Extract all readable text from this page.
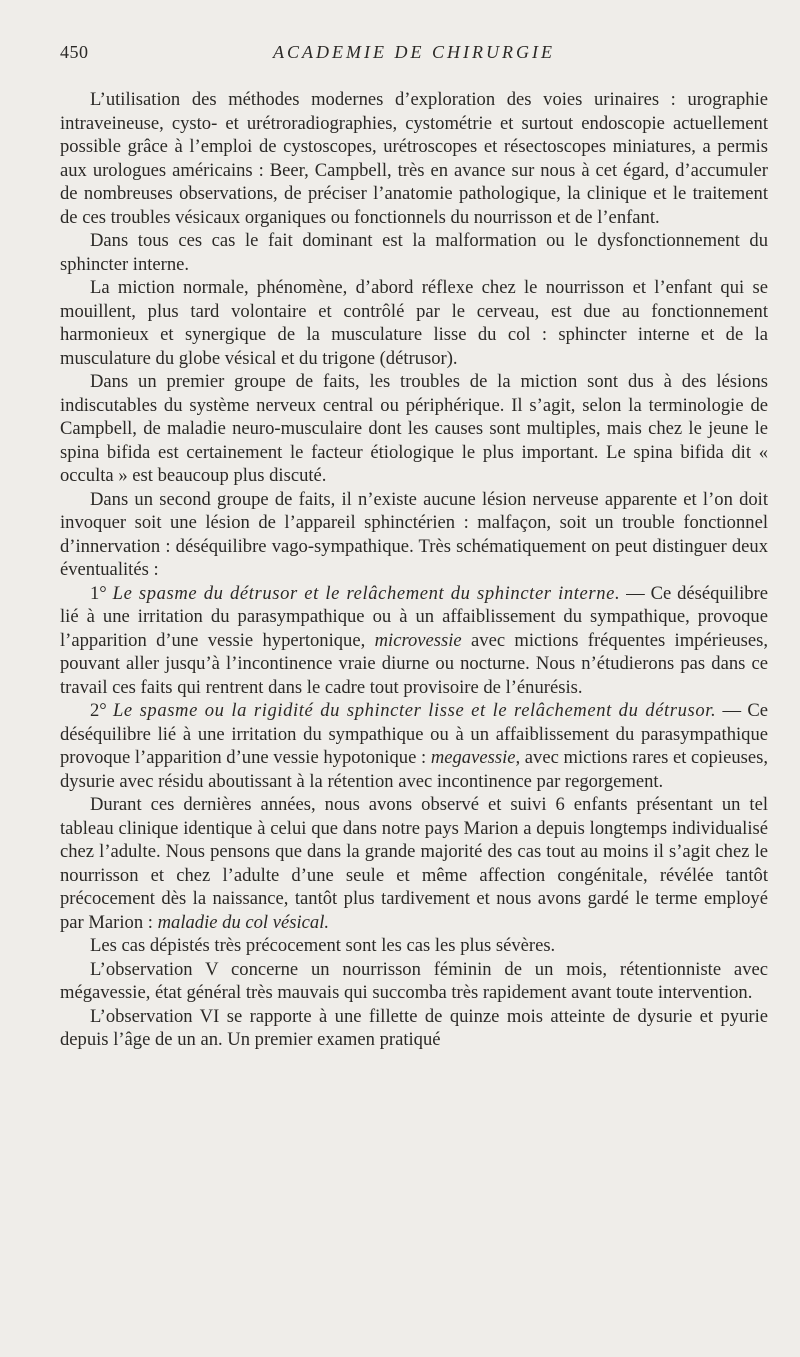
450	ACADEMIE DE CHIRURGIE

L’utilisation des méthodes modernes d’exploration des voies urinaires : urographie intraveineuse, cysto- et urétroradiographies, cystométrie et surtout endoscopie actuellement possible grâce à l’emploi de cystoscopes, urétroscopes et résectoscopes miniatures, a permis aux urologues américains : Beer, Campbell, très en avance sur nous à cet égard, d’accumuler de nombreuses observations, de préciser l’anatomie pathologique, la clinique et le traitement de ces troubles vésicaux organiques ou fonctionnels du nourrisson et de l’enfant.

Dans tous ces cas le fait dominant est la malformation ou le dysfonctionnement du sphincter interne.

La miction normale, phénomène, d’abord réflexe chez le nourrisson et l’enfant qui se mouillent, plus tard volontaire et contrôlé par le cerveau, est due au fonctionnement harmonieux et synergique de la musculature lisse du col : sphincter interne et de la musculature du globe vésical et du trigone (détrusor).

Dans un premier groupe de faits, les troubles de la miction sont dus à des lésions indiscutables du système nerveux central ou périphérique. Il s’agit, selon la terminologie de Campbell, de maladie neuro-musculaire dont les causes sont multiples, mais chez le jeune le spina bifida est certainement le facteur étiologique le plus important. Le spina bifida dit « occulta » est beaucoup plus discuté.

Dans un second groupe de faits, il n’existe aucune lésion nerveuse apparente et l’on doit invoquer soit une lésion de l’appareil sphinctérien : malfaçon, soit un trouble fonctionnel d’innervation : déséquilibre vago-sympathique. Très schématiquement on peut distinguer deux éventualités :

1° Le spasme du détrusor et le relâchement du sphincter interne. — Ce déséquilibre lié à une irritation du parasympathique ou à un affaiblissement du sympathique, provoque l’apparition d’une vessie hypertonique, microvessie avec mictions fréquentes impérieuses, pouvant aller jusqu’à l’incontinence vraie diurne ou nocturne. Nous n’étudierons pas dans ce travail ces faits qui rentrent dans le cadre tout provisoire de l’énurésis.

2° Le spasme ou la rigidité du sphincter lisse et le relâchement du détrusor. — Ce déséquilibre lié à une irritation du sympathique ou à un affaiblissement du parasympathique provoque l’apparition d’une vessie hypotonique : megavessie, avec mictions rares et copieuses, dysurie avec résidu aboutissant à la rétention avec incontinence par regorgement.

Durant ces dernières années, nous avons observé et suivi 6 enfants présentant un tel tableau clinique identique à celui que dans notre pays Marion a depuis longtemps individualisé chez l’adulte. Nous pensons que dans la grande majorité des cas tout au moins il s’agit chez le nourrisson et chez l’adulte d’une seule et même affection congénitale, révélée tantôt précocement dès la naissance, tantôt plus tardivement et nous avons gardé le terme employé par Marion : maladie du col vésical.

Les cas dépistés très précocement sont les cas les plus sévères.

L’observation V concerne un nourrisson féminin de un mois, rétentionniste avec mégavessie, état général très mauvais qui succomba très rapidement avant toute intervention.

L’observation VI se rapporte à une fillette de quinze mois atteinte de dysurie et pyurie depuis l’âge de un an. Un premier examen pratiqué
